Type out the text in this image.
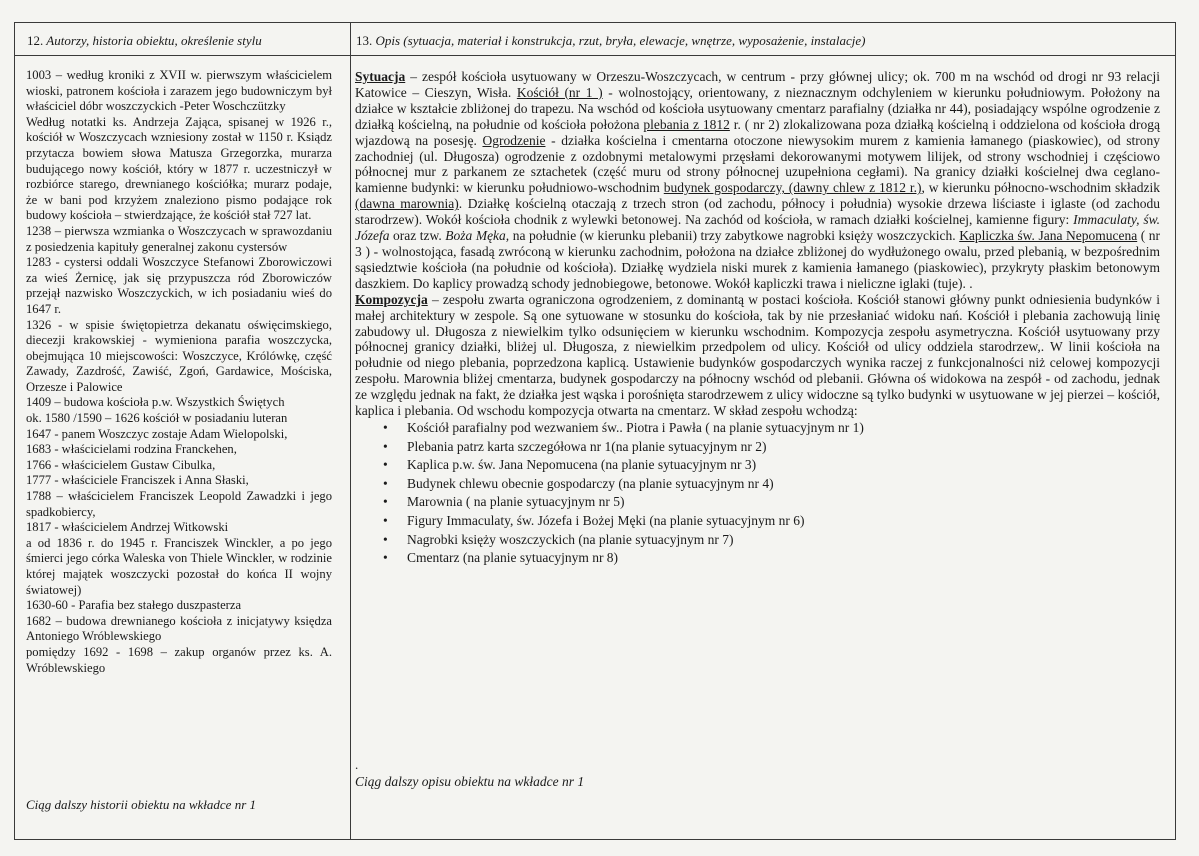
12. Autorzy, historia obiektu, określenie stylu	13. Opis (sytuacja, materiał i konstrukcja, rzut, bryła, elewacje, wnętrze, wyposażenie, instalacje)

1003 – według kroniki z XVII w. pierwszym właścicielem wioski, patronem kościoła i zarazem jego budowniczym był właściciel dóbr woszczyckich -Peter Woschczützky

Według notatki ks. Andrzeja Zająca, spisanej w 1926 r., kościół w Woszczycach wzniesiony został w 1150 r. Ksiądz przytacza bowiem słowa Matusza Grzegorzka, murarza budującego nowy kościół, który w 1877 r. uczestniczył w rozbiórce starego, drewnianego kościółka; murarz podaje, że w bani pod krzyżem znaleziono pismo podające rok budowy kościoła – stwierdzające, że kościół stał 727 lat.

1238 – pierwsza wzmianka o Woszczycach w sprawozdaniu z posiedzenia kapituły generalnej zakonu cystersów

1283 - cystersi oddali Woszczyce Stefanowi Zborowiczowi za wieś Żernicę, jak się przypuszcza ród Zborowiczów przejął nazwisko Woszczyckich, w ich posiadaniu wieś do 1647 r.

1326 - w spisie świętopietrza dekanatu oświęcimskiego, diecezji krakowskiej - wymieniona parafia woszczycka, obejmująca 10 miejscowości: Woszczyce, Królówkę, część Zawady, Zazdrość, Zawiść, Zgoń, Gardawice, Mościska, Orzesze i Palowice

1409 – budowa kościoła p.w. Wszystkich Świętych

ok. 1580 /1590 – 1626 kościół w posiadaniu luteran

1647 - panem Woszczyc zostaje Adam Wielopolski,

1683 - właścicielami rodzina Franckehen,

1766 - właścicielem Gustaw Cibulka,

1777 - właściciele Franciszek i Anna Słaski,

1788 – właścicielem Franciszek Leopold Zawadzki i jego spadkobiercy,

1817 - właścicielem Andrzej Witkowski

a od 1836 r. do 1945 r. Franciszek Winckler, a po jego śmierci jego córka Waleska von Thiele Winckler, w rodzinie której majątek woszczycki pozostał do końca II wojny światowej)

1630-60 - Parafia bez stałego duszpasterza

1682 – budowa drewnianego kościoła z inicjatywy księdza Antoniego Wróblewskiego

pomiędzy 1692 - 1698 – zakup organów przez ks. A. Wróblewskiego

Ciąg dalszy historii obiektu na wkładce nr 1

Sytuacja – zespół kościoła usytuowany w Orzeszu-Woszczycach, w centrum - przy głównej ulicy; ok. 700 m na wschód od drogi nr 93 relacji Katowice – Cieszyn, Wisła. Kościół (nr 1 ) - wolnostojący, orientowany, z nieznacznym odchyleniem w kierunku południowym. Położony na działce w kształcie zbliżonej do trapezu. Na wschód od kościoła usytuowany cmentarz parafialny (działka nr 44), posiadający wspólne ogrodzenie z działką kościelną, na południe od kościoła położona plebania z 1812 r. ( nr 2) zlokalizowana poza działką kościelną i oddzielona od kościoła drogą wjazdową na posesję. Ogrodzenie - działka kościelna i cmentarna otoczone niewysokim murem z kamienia łamanego (piaskowiec), od strony zachodniej (ul. Długosza) ogrodzenie z ozdobnymi metalowymi przęsłami dekorowanymi motywem lilijek, od strony wschodniej i częściowo północnej mur z parkanem ze sztachetek (część muru od strony północnej uzupełniona cegłami). Na granicy działki kościelnej dwa ceglano-kamienne budynki: w kierunku południowo-wschodnim budynek gospodarczy, (dawny chlew z 1812 r.), w kierunku północno-wschodnim składzik (dawna marownia). Działkę kościelną otaczają z trzech stron (od zachodu, północy i południa) wysokie drzewa liściaste i iglaste (od zachodu starodrzew). Wokół kościoła chodnik z wylewki betonowej. Na zachód od kościoła, w ramach działki kościelnej, kamienne figury: Immaculaty, św. Józefa oraz tzw. Boża Męka, na południe (w kierunku plebanii) trzy zabytkowe nagrobki księży woszczyckich. Kapliczka św. Jana Nepomucena ( nr 3 ) - wolnostojąca, fasadą zwróconą w kierunku zachodnim, położona na działce zbliżonej do wydłużonego owalu, przed plebanią, w bezpośrednim sąsiedztwie kościoła (na południe od kościoła). Działkę wydziela niski murek z kamienia łamanego (piaskowiec), przykryty płaskim betonowym daszkiem. Do kaplicy prowadzą schody jednobiegowe, betonowe. Wokół kapliczki trawa i nieliczne iglaki (tuje). .

Kompozycja – zespołu zwarta ograniczona ogrodzeniem, z dominantą w postaci kościoła. Kościół stanowi główny punkt odniesienia budynków i małej architektury w zespole. Są one sytuowane w stosunku do kościoła, tak by nie przesłaniać widoku nań. Kościół i plebania zachowują linię zabudowy ul. Długosza z niewielkim tylko odsunięciem w kierunku wschodnim. Kompozycja zespołu asymetryczna. Kościół usytuowany przy północnej granicy działki, bliżej ul. Długosza, z niewielkim przedpolem od ulicy. Kościół od ulicy oddziela starodrzew,. W linii kościoła na południe od niego plebania, poprzedzona kaplicą. Ustawienie budynków gospodarczych wynika raczej z funkcjonalności niż celowej kompozycji zespołu. Marownia bliżej cmentarza, budynek gospodarczy na północny wschód od plebanii. Główna oś widokowa na zespół - od zachodu, jednak ze względu jednak na fakt, że działka jest wąska i porośnięta starodrzewem z ulicy widoczne są tylko budynki w usytuowane w jej pierzei – kościół, kaplica i plebania. Od wschodu kompozycja otwarta na cmentarz. W skład zespołu wchodzą:

• Kościół parafialny pod wezwaniem św.. Piotra i Pawła ( na planie sytuacyjnym nr 1)
• Plebania patrz karta szczegółowa nr 1(na planie sytuacyjnym nr 2)
• Kaplica p.w. św. Jana Nepomucena (na planie sytuacyjnym nr 3)
• Budynek chlewu obecnie gospodarczy (na planie sytuacyjnym nr 4)
• Marownia ( na planie sytuacyjnym nr 5)
• Figury Immaculaty, św. Józefa i Bożej Męki (na planie sytuacyjnym nr 6)
• Nagrobki księży woszczyckich (na planie sytuacyjnym nr 7)
• Cmentarz (na planie sytuacyjnym nr 8)
.
Ciąg dalszy opisu obiektu na wkładce nr 1
